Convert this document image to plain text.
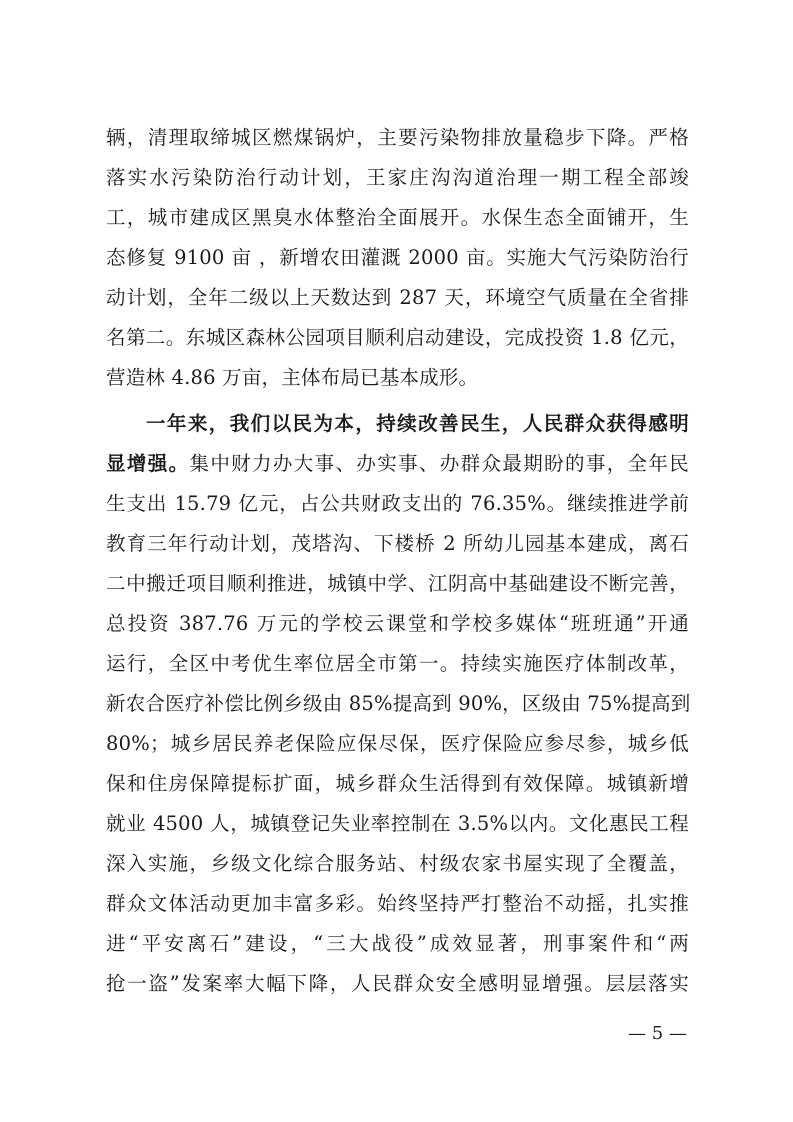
辆，清理取缔城区燃煤锅炉，主要污染物排放量稳步下降。严格
落实水污染防治行动计划，王家庄沟沟道治理一期工程全部竣
工，城市建成区黑臭水体整治全面展开。水保生态全面铺开，生
态修复 9100 亩 ，新增农田灌溉 2000 亩。实施大气污染防治行
动计划，全年二级以上天数达到 287 天，环境空气质量在全省排
名第二。东城区森林公园项目顺利启动建设，完成投资 1.8 亿元，
营造林 4.86 万亩，主体布局已基本成形。
一年来，我们以民为本，持续改善民生，人民群众获得感明
显增强。集中财力办大事、办实事、办群众最期盼的事，全年民
生支出 15.79 亿元，占公共财政支出的 76.35%。继续推进学前
教育三年行动计划，茂塔沟、下楼桥 2 所幼儿园基本建成，离石
二中搬迁项目顺利推进，城镇中学、江阴高中基础建设不断完善，
总投资 387.76 万元的学校云课堂和学校多媒体“班班通”开通
运行，全区中考优生率位居全市第一。持续实施医疗体制改革，
新农合医疗补偿比例乡级由 85%提高到 90%，区级由 75%提高到
80%；城乡居民养老保险应保尽保，医疗保险应参尽参，城乡低
保和住房保障提标扩面，城乡群众生活得到有效保障。城镇新增
就业 4500 人，城镇登记失业率控制在 3.5%以内。文化惠民工程
深入实施，乡级文化综合服务站、村级农家书屋实现了全覆盖，
群众文体活动更加丰富多彩。始终坚持严打整治不动摇，扎实推
进“平安离石”建设，“三大战役”成效显著，刑事案件和“两
抢一盗”发案率大幅下降，人民群众安全感明显增强。层层落实
— 5 —
